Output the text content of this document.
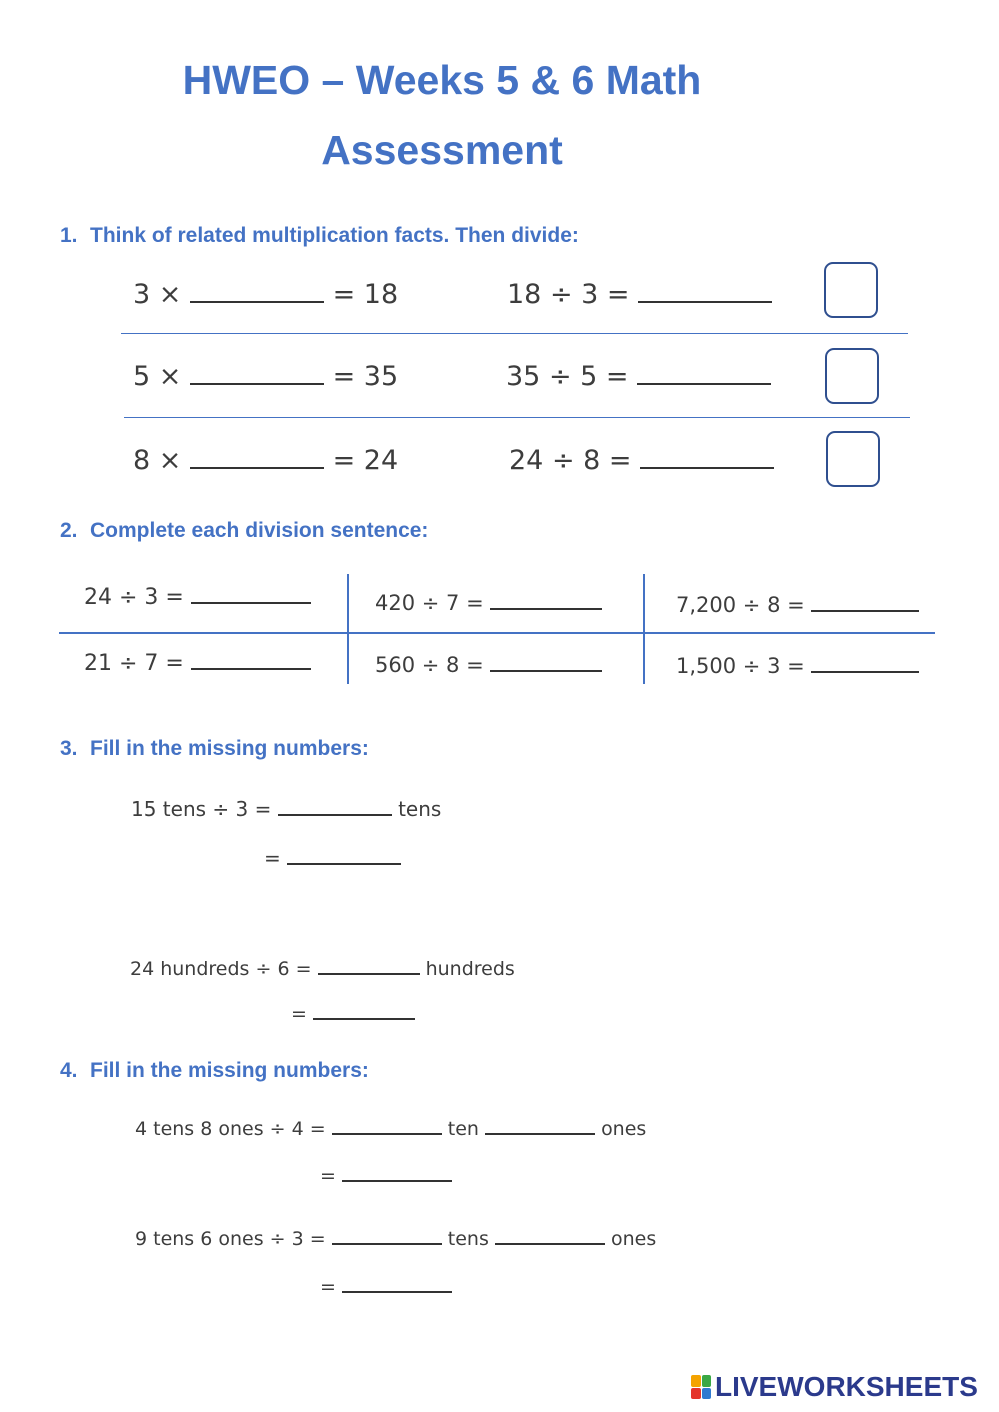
HWEO – Weeks 5 & 6 Math
Assessment
1. Think of related multiplication facts. Then divide:
3 ×	= 18	18 ÷ 3 =
5 ×	= 35	35 ÷ 5 =
8 ×	= 24	24 ÷ 8 =
2. Complete each division sentence:
24 ÷ 3 =	420 ÷ 7 =	7,200 ÷ 8 =
21 ÷ 7 =	560 ÷ 8 =	1,500 ÷ 3 =
3. Fill in the missing numbers:
15 tens ÷ 3 =	tens
=
24 hundreds ÷ 6 =	hundreds
=
4. Fill in the missing numbers:
4 tens 8 ones ÷ 4 =	ten	ones
=
9 tens 6 ones ÷ 3 =	tens	ones
=
LIVEWORKSHEETS
